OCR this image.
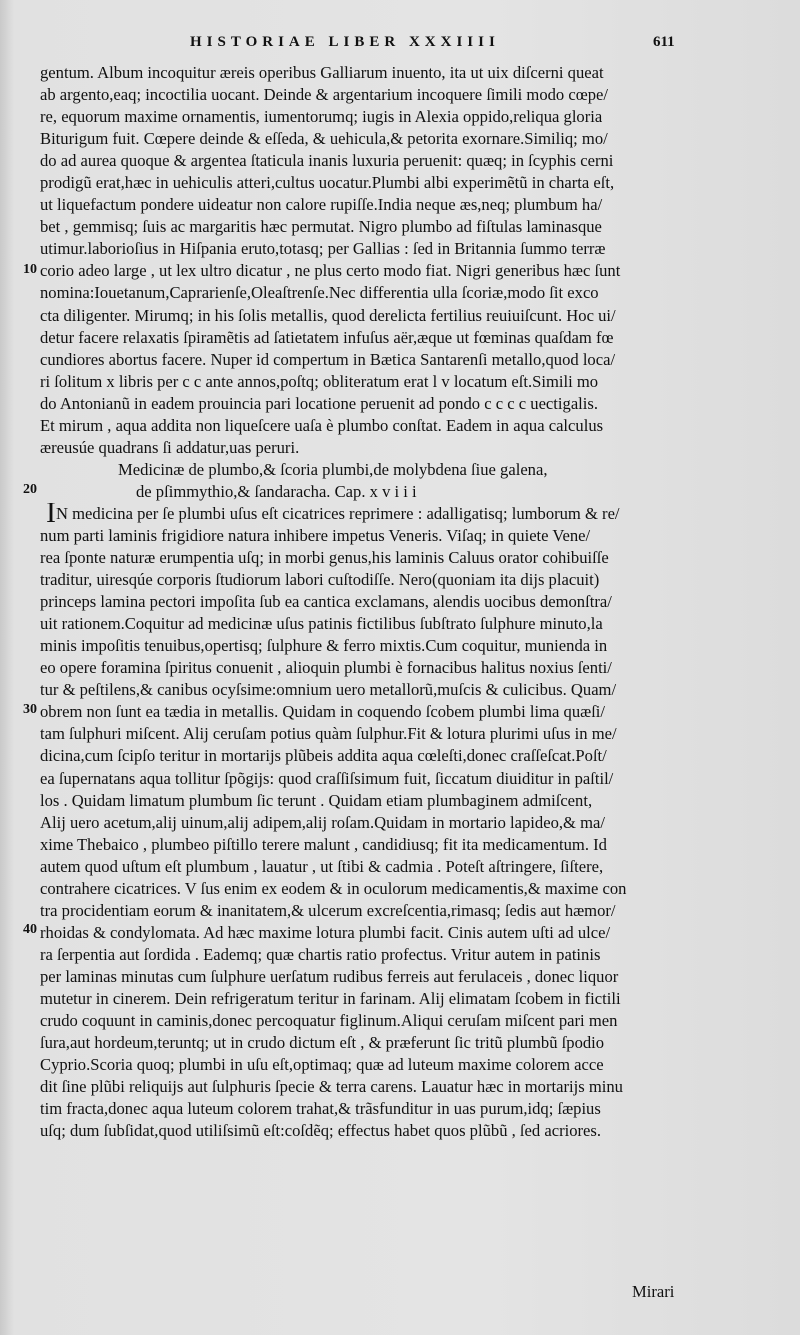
HISTORIAE LIBER XXXIIII	611
10
20
30
40
gentum. Album incoquitur æreis operibus Galliarum inuento, ita ut uix diſcerni queat
ab argento,eaq; incoctilia uocant. Deinde & argentarium incoquere ſimili modo cœpe/
re, equorum maxime ornamentis, iumentorumq; iugis in Alexia oppido,reliqua gloria
Biturigum fuit. Cœpere deinde & eſſeda, & uehicula,& petorita exornare.Similiq; mo/
do ad aurea quoque & argentea ſtaticula inanis luxuria peruenit: quæq; in ſcyphis cerni
prodigũ erat,hæc in uehiculis atteri,cultus uocatur.Plumbi albi experimẽtũ in charta eſt,
ut liquefactum pondere uideatur non calore rupiſſe.India neque æs,neq; plumbum ha/
bet , gemmisq; ſuis ac margaritis hæc permutat. Nigro plumbo ad fiſtulas laminasque
utimur.laborioſius in Hiſpania eruto,totasq; per Gallias : ſed in Britannia ſummo terræ
corio adeo large , ut lex ultro dicatur , ne plus certo modo fiat. Nigri generibus hæc ſunt
nomina:Iouetanum,Caprarienſe,Oleaſtrenſe.Nec differentia ulla ſcoriæ,modo ſit exco
cta diligenter. Mirumq; in his ſolis metallis, quod derelicta fertilius reuiuiſcunt. Hoc ui/
detur facere relaxatis ſpiramẽtis ad ſatietatem infuſus aër,æque ut fœminas quaſdam fœ
cundiores abortus facere. Nuper id compertum in Bætica Santarenſi metallo,quod loca/
ri ſolitum x libris per c c ante annos,poſtq; obliteratum erat l v locatum eſt.Simili mo
do Antonianũ in eadem prouincia pari locatione peruenit ad pondo c c c c uectigalis.
Et mirum , aqua addita non liqueſcere uaſa è plumbo conſtat. Eadem in aqua calculus
æreusúe quadrans ſi addatur,uas peruri.
Medicinæ de plumbo,& ſcoria plumbi,de molybdena ſiue galena,
de pſimmythio,& ſandaracha. Cap. x v i i i
IN medicina per ſe plumbi uſus eſt cicatrices reprimere : adalligatisq; lumborum & re/
num parti laminis frigidiore natura inhibere impetus Veneris. Viſaq; in quiete Vene/
rea ſponte naturæ erumpentia uſq; in morbi genus,his laminis Caluus orator cohibuiſſe
traditur, uiresqúe corporis ſtudiorum labori cuſtodiſſe. Nero(quoniam ita dijs placuit)
princeps lamina pectori impoſita ſub ea cantica exclamans, alendis uocibus demonſtra/
uit rationem.Coquitur ad medicinæ uſus patinis fictilibus ſubſtrato ſulphure minuto,la
minis impoſitis tenuibus,opertisq; ſulphure & ferro mixtis.Cum coquitur, munienda in
eo opere foramina ſpiritus conuenit , alioquin plumbi è fornacibus halitus noxius ſenti/
tur & peſtilens,& canibus ocyſsime:omnium uero metallorũ,muſcis & culicibus. Quam/
obrem non ſunt ea tædia in metallis. Quidam in coquendo ſcobem plumbi lima quæſi/
tam ſulphuri miſcent. Alij ceruſam potius quàm ſulphur.Fit & lotura plurimi uſus in me/
dicina,cum ſcipſo teritur in mortarijs plũbeis addita aqua cœleſti,donec craſſeſcat.Poſt/
ea ſupernatans aqua tollitur ſpõgijs: quod craſſiſsimum fuit, ſiccatum diuiditur in paſtil/
los . Quidam limatum plumbum ſic terunt . Quidam etiam plumbaginem admiſcent,
Alij uero acetum,alij uinum,alij adipem,alij roſam.Quidam in mortario lapideo,& ma/
xime Thebaico , plumbeo piſtillo terere malunt , candidiusq; fit ita medicamentum. Id
autem quod uſtum eſt plumbum , lauatur , ut ſtibi & cadmia . Poteſt aſtringere, ſiſtere,
contrahere cicatrices. V ſus enim ex eodem & in oculorum medicamentis,& maxime con
tra procidentiam eorum & inanitatem,& ulcerum excreſcentia,rimasq; ſedis aut hæmor/
rhoidas & condylomata. Ad hæc maxime lotura plumbi facit. Cinis autem uſti ad ulce/
ra ſerpentia aut ſordida . Eademq; quæ chartis ratio profectus. Vritur autem in patinis
per laminas minutas cum ſulphure uerſatum rudibus ferreis aut ferulaceis , donec liquor
mutetur in cinerem. Dein refrigeratum teritur in farinam. Alij elimatam ſcobem in fictili
crudo coquunt in caminis,donec percoquatur figlinum.Aliqui ceruſam miſcent pari men
ſura,aut hordeum,teruntq; ut in crudo dictum eſt , & præferunt ſic tritũ plumbũ ſpodio
Cyprio.Scoria quoq; plumbi in uſu eſt,optimaq; quæ ad luteum maxime colorem acce
dit ſine plũbi reliquijs aut ſulphuris ſpecie & terra carens. Lauatur hæc in mortarijs minu
tim fracta,donec aqua luteum colorem trahat,& trãsfunditur in uas purum,idq; ſæpius
uſq; dum ſubſidat,quod utiliſsimũ eſt:coſdẽq; effectus habet quos plũbũ , ſed acriores.
Mirari
